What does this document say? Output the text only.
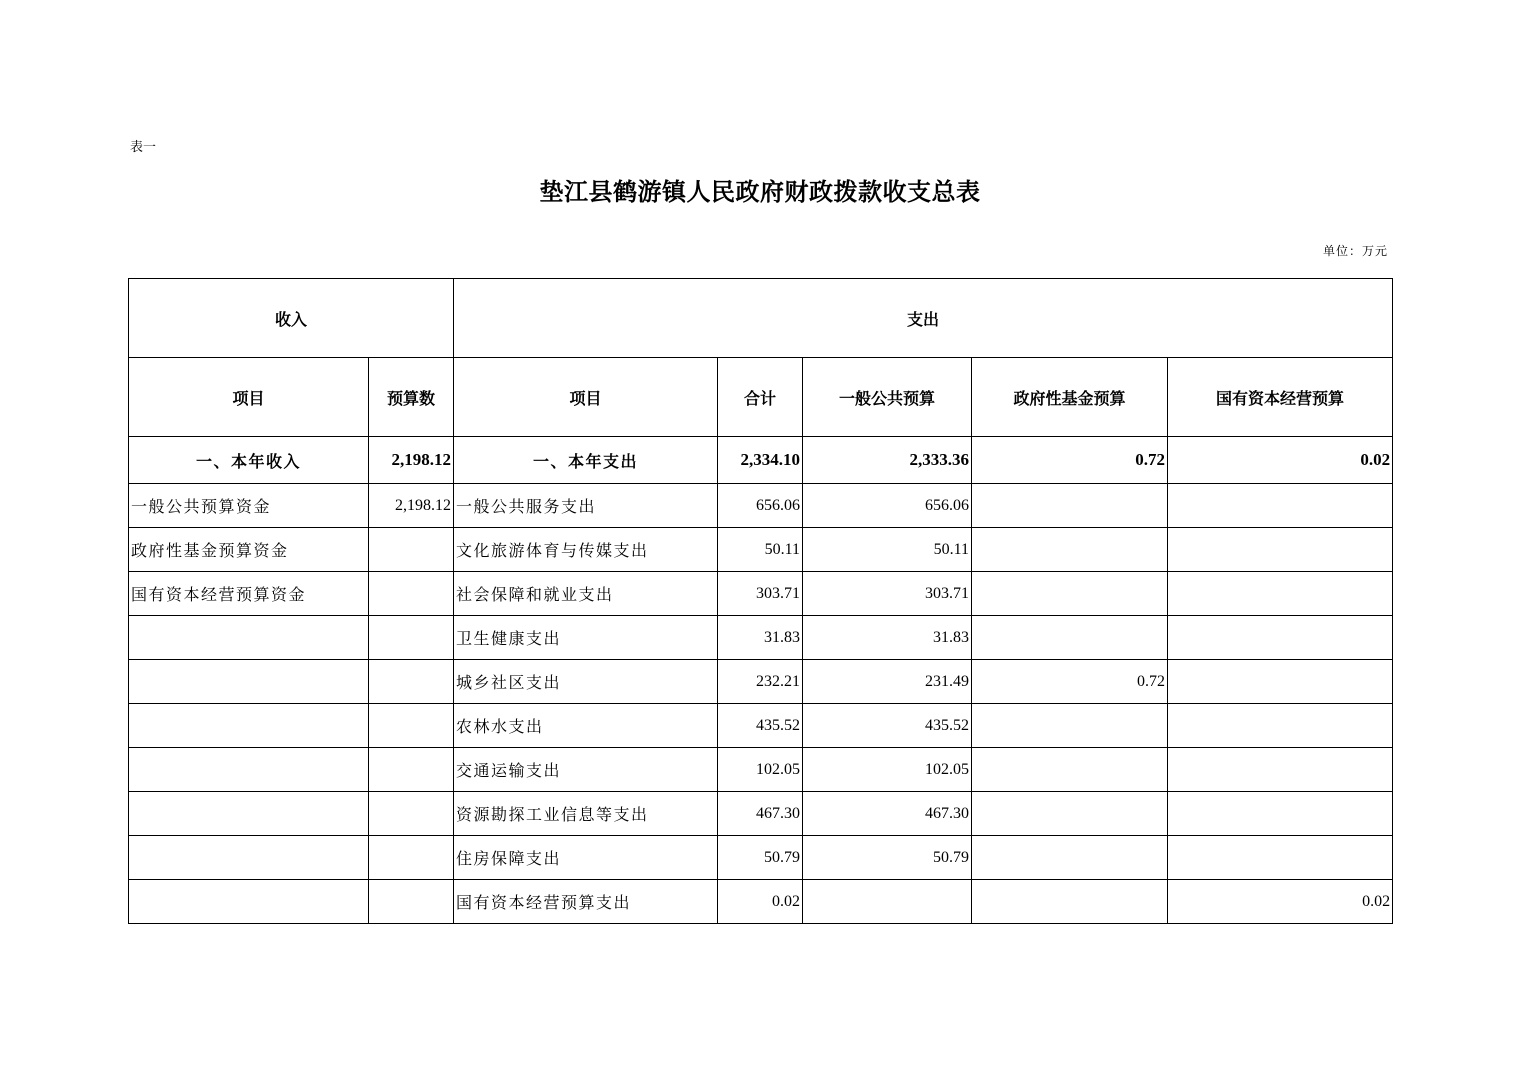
表一
垫江县鹤游镇人民政府财政拨款收支总表
单位：万元
收入		支出				
项目	预算数	项目	合计	一般公共预算	政府性基金预算	国有资本经营预算
一、本年收入	2,198.12	一、本年支出	2,334.10	2,333.36	0.72	0.02
一般公共预算资金	2,198.12	一般公共服务支出	656.06	656.06		
政府性基金预算资金		文化旅游体育与传媒支出	50.11	50.11		
国有资本经营预算资金		社会保障和就业支出	303.71	303.71		
		卫生健康支出	31.83	31.83		
		城乡社区支出	232.21	231.49	0.72	
		农林水支出	435.52	435.52		
		交通运输支出	102.05	102.05		
		资源勘探工业信息等支出	467.30	467.30		
		住房保障支出	50.79	50.79		
		国有资本经营预算支出	0.02			0.02
